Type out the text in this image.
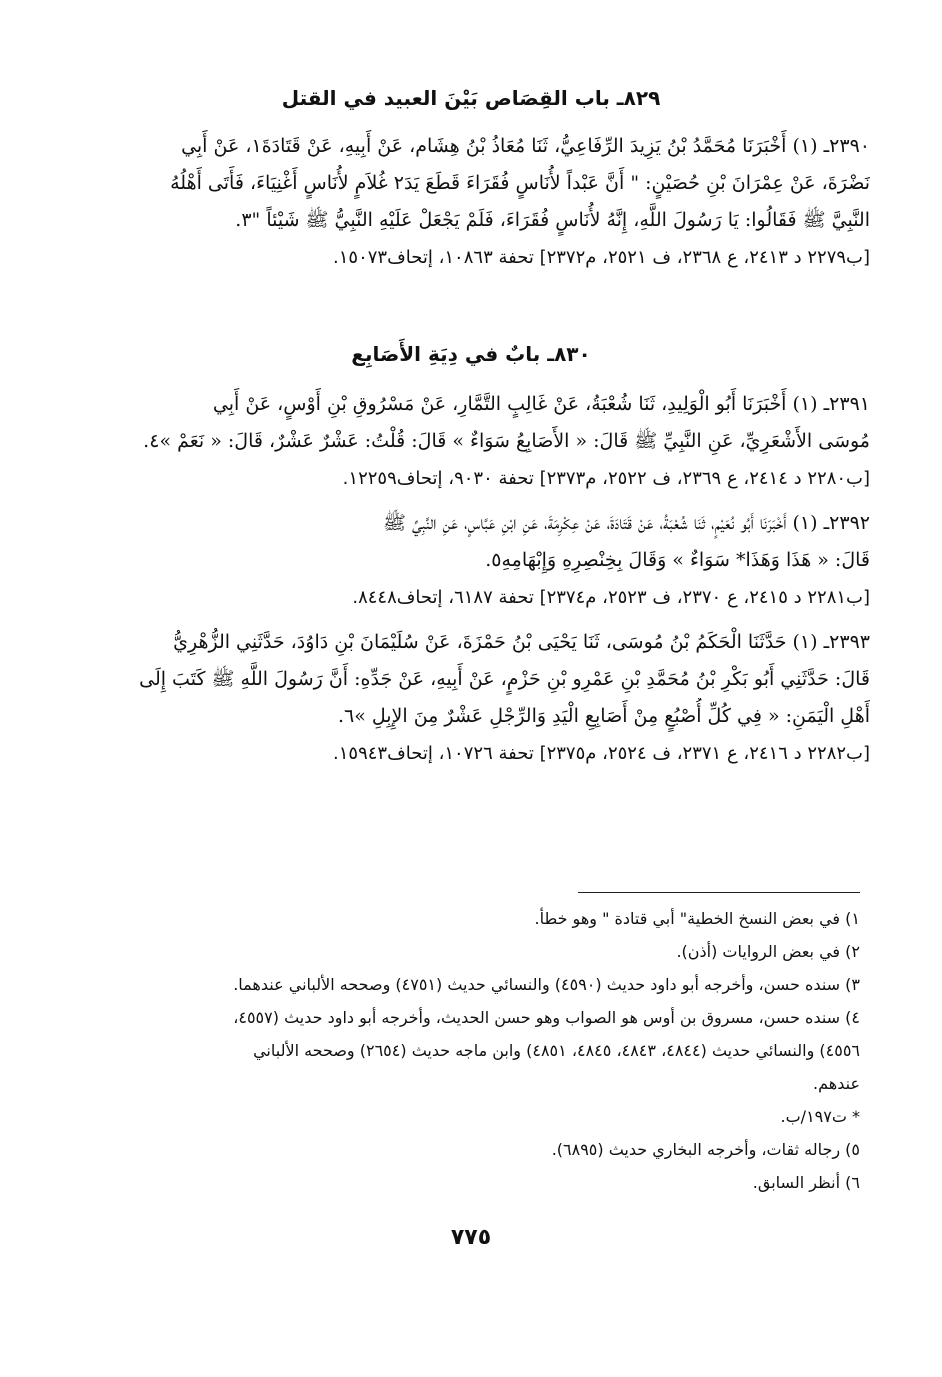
٨٢٩ـ باب القِصَاص بَيْنَ العبيد في القتل
٢٣٩٠ـ (١) أَخْبَرَنَا مُحَمَّدُ بْنُ يَزِيدَ الرِّفَاعِيُّ، ثَنَا مُعَاذُ بْنُ هِشَام، عَنْ أَبِيهِ، عَنْ قَتَادَةَ١، عَنْ أَبِي
نَضْرَةَ، عَنْ عِمْرَانَ بْنِ حُصَيْنٍ: " أَنَّ عَبْداً لأُنَاسٍ فُقَرَاءَ قَطَعَ يَدَ٢ غُلاَمٍ لأُنَاسٍ أَغْنِيَاءَ، فَأَتَى أَهْلُهُ
النَّبِيَّ ﷺ فَقَالُوا: يَا رَسُولَ اللَّهِ، إِنَّهُ لأُنَاسٍ فُقَرَاءَ، فَلَمْ يَجْعَلْ عَلَيْهِ النَّبِيُّ ﷺ شَيْئاً "٣.
[ب٢٢٧٩ د ٢٤١٣، ع ٢٣٦٨، ف ٢٥٢١، م٢٣٧٢] تحفة ١٠٨٦٣، إتحاف١٥٠٧٣.
٨٣٠ـ بابٌ في دِيَةِ الأَصَابِع
٢٣٩١ـ (١) أَخْبَرَنَا أَبُو الْوَلِيدِ، ثَنَا شُعْبَةُ، عَنْ غَالِبٍ التَّمَّارِ، عَنْ مَسْرُوقِ بْنِ أَوْسٍ، عَنْ أَبِي
مُوسَى الأَشْعَرِيِّ، عَنِ النَّبِيِّ ﷺ قَالَ: « الأَصَابِعُ سَوَاءٌ » قَالَ: قُلْتُ: عَشْرٌ عَشْرٌ، قَالَ: « نَعَمْ »٤.
[ب٢٢٨٠ د ٢٤١٤، ع ٢٣٦٩، ف ٢٥٢٢، م٢٣٧٣] تحفة ٩٠٣٠، إتحاف١٢٢٥٩.
٢٣٩٢ـ (١) أَخْبَرَنَا أَبُو نُعَيْمٍ، ثَنَا شُعْبَةُ، عَنْ قَتَادَةَ، عَنْ عِكْرِمَةَ، عَنِ ابْنِ عَبَّاسٍ، عَنِ النَّبِيِّ ﷺ
قَالَ: « هَذَا وَهَذَا* سَوَاءٌ » وَقَالَ بِخِنْصِرِهِ وَإِبْهَامِهِ٥.
[ب٢٢٨١ د ٢٤١٥، ع ٢٣٧٠، ف ٢٥٢٣، م٢٣٧٤] تحفة ٦١٨٧، إتحاف٨٤٤٨.
٢٣٩٣ـ (١) حَدَّثَنَا الْحَكَمُ بْنُ مُوسَى، ثَنَا يَحْيَى بْنُ حَمْزَةَ، عَنْ سُلَيْمَانَ بْنِ دَاوُدَ، حَدَّثَنِي الزُّهْرِيُّ
قَالَ: حَدَّثَنِي أَبُو بَكْرِ بْنُ مُحَمَّدِ بْنِ عَمْرِو بْنِ حَزْمٍ، عَنْ أَبِيهِ، عَنْ جَدِّهِ: أَنَّ رَسُولَ اللَّهِ ﷺ كَتَبَ إِلَى
أَهْلِ الْيَمَنِ: « فِي كُلِّ أُصْبُعٍ مِنْ أَصَابِعِ الْيَدِ وَالرِّجْلِ عَشْرٌ مِنَ الإِبِلِ »٦.
[ب٢٢٨٢ د ٢٤١٦، ع ٢٣٧١، ف ٢٥٢٤، م٢٣٧٥] تحفة ١٠٧٢٦، إتحاف١٥٩٤٣.
١) في بعض النسخ الخطية" أبي قتادة " وهو خطأ.
٢) في بعض الروايات (أذن).
٣) سنده حسن، وأخرجه أبو داود حديث (٤٥٩٠) والنسائي حديث (٤٧٥١) وصححه الألباني عندهما.
٤) سنده حسن، مسروق بن أوس هو الصواب وهو حسن الحديث، وأخرجه أبو داود حديث (٤٥٥٧،
٤٥٥٦) والنسائي حديث (٤٨٤٤، ٤٨٤٣، ٤٨٤٥، ٤٨٥١) وابن ماجه حديث (٢٦٥٤) وصححه الألباني
عندهم.
* ت١٩٧/ب.
٥) رجاله ثقات، وأخرجه البخاري حديث (٦٨٩٥).
٦) أنظر السابق.
٧٧٥
